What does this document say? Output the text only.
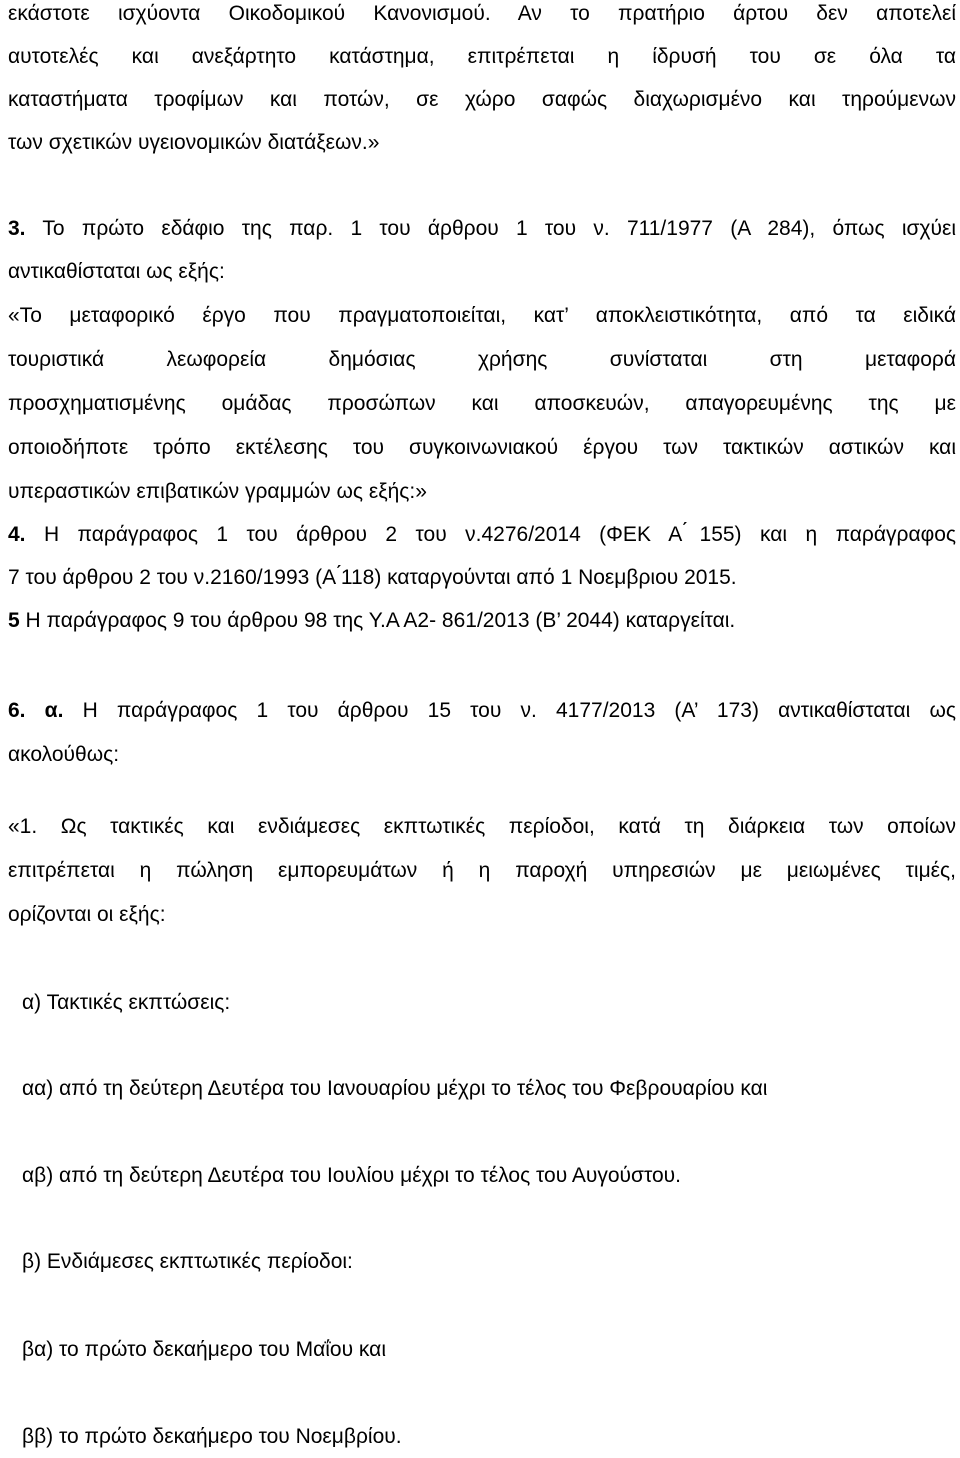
εκάστοτε ισχύοντα Οικοδομικού Κανονισμού. Αν το πρατήριο άρτου δεν αποτελεί
αυτοτελές και ανεξάρτητο κατάστημα, επιτρέπεται η ίδρυσή του σε όλα τα
καταστήματα τροφίμων και ποτών, σε χώρο σαφώς διαχωρισμένο και τηρούμενων
των σχετικών υγειονομικών διατάξεων.»
3. Το πρώτο εδάφιο της παρ. 1 του άρθρου 1 του ν. 711/1977 (Α 284), όπως ισχύει
αντικαθίσταται ως εξής:
«Το μεταφορικό έργο που πραγματοποιείται, κατ’ αποκλειστικότητα, από τα ειδικά
τουριστικά λεωφορεία δημόσιας χρήσης συνίσταται στη μεταφορά
προσχηματισμένης ομάδας προσώπων και αποσκευών, απαγορευμένης της με
οποιοδήποτε τρόπο εκτέλεσης του συγκοινωνιακού έργου των τακτικών αστικών και
υπεραστικών επιβατικών γραμμών ως εξής:»
4. Η παράγραφος 1 του άρθρου 2 του ν.4276/2014 (ΦΕΚ Α ́155) και η παράγραφος
7 του άρθρου 2 του ν.2160/1993 (Α ́118) καταργούνται από 1 Νοεμβριου 2015.
5 Η παράγραφος 9 του άρθρου 98 της Υ.Α Α2- 861/2013 (Β’ 2044) καταργείται.
6. α. Η παράγραφος 1 του άρθρου 15 του ν. 4177/2013 (Α’ 173) αντικαθίσταται ως
ακολούθως:
«1. Ως τακτικές και ενδιάμεσες εκπτωτικές περίοδοι, κατά τη διάρκεια των οποίων
επιτρέπεται η πώληση εμπορευμάτων ή η παροχή υπηρεσιών με μειωμένες τιμές,
ορίζονται οι εξής:
α) Τακτικές εκπτώσεις:
αα) από τη δεύτερη Δευτέρα του Ιανουαρίου μέχρι το τέλος του Φεβρουαρίου και
αβ) από τη δεύτερη Δευτέρα του Ιουλίου μέχρι το τέλος του Αυγούστου.
β) Ενδιάμεσες εκπτωτικές περίοδοι:
βα) το πρώτο δεκαήμερο του Μαΐου και
ββ) το πρώτο δεκαήμερο του Νοεμβρίου.
